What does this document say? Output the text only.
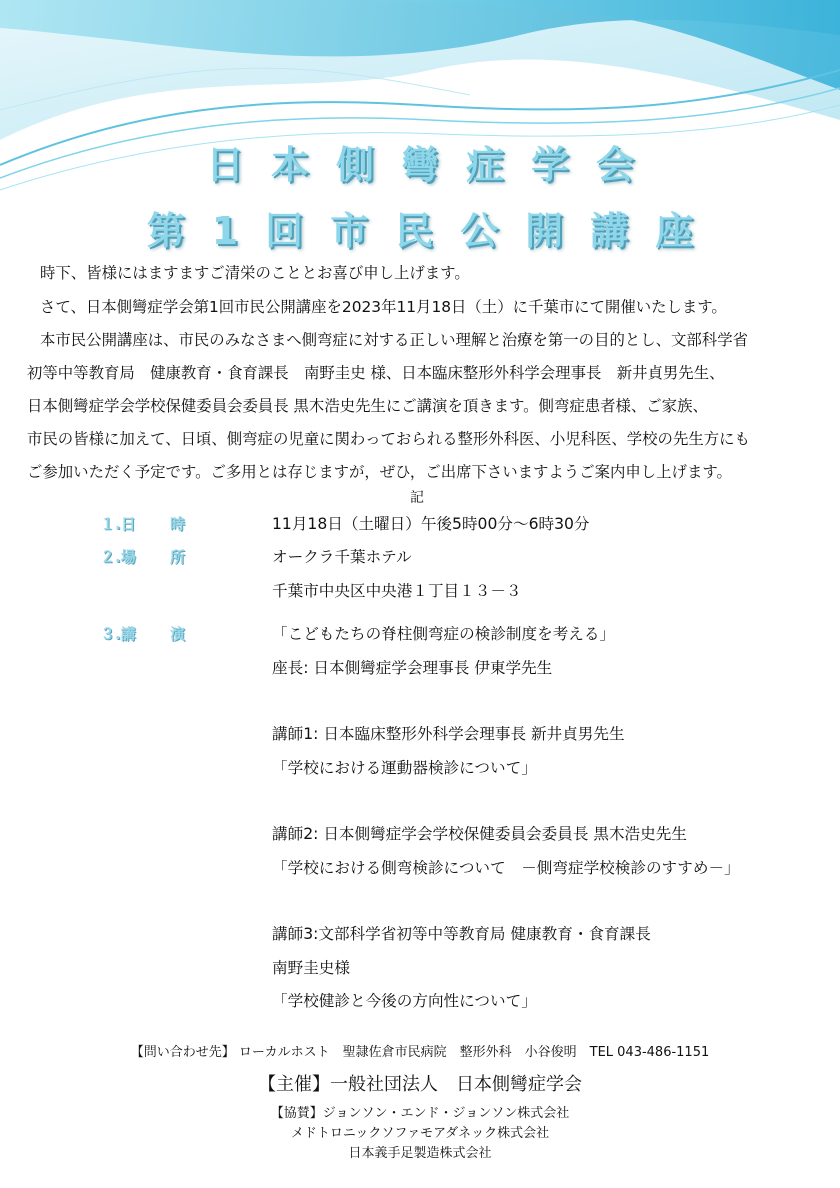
日本側彎症学会
第1回市民公開講座
時下、皆様にはますますご清栄のこととお喜び申し上げます。
さて、日本側彎症学会第1回市民公開講座を2023年11月18日（土）に千葉市にて開催いたします。
本市民公開講座は、市民のみなさまへ側弯症に対する正しい理解と治療を第一の目的とし、文部科学省
初等中等教育局　健康教育・食育課長　南野圭史 様、日本臨床整形外科学会理事長　新井貞男先生、
日本側彎症学会学校保健委員会委員長 黒木浩史先生にご講演を頂きます。側弯症患者様、ご家族、
市民の皆様に加えて、日頃、側弯症の児童に関わっておられる整形外科医、小児科医、学校の先生方にも
ご参加いただく予定です。ご多用とは存じますが，ぜひ，ご出席下さいますようご案内申し上げます。
記
１.日 時	11月18日（土曜日）午後5時00分～6時30分
２.場 所	オークラ千葉ホテル
千葉市中央区中央港１丁目１３－３
３.講 演	「こどもたちの脊柱側弯症の検診制度を考える」
座長: 日本側彎症学会理事長 伊東学先生
講師1: 日本臨床整形外科学会理事長 新井貞男先生
「学校における運動器検診について」
講師2: 日本側彎症学会学校保健委員会委員長 黒木浩史先生
「学校における側弯検診について　－側弯症学校検診のすすめ－」
講師3:文部科学省初等中等教育局 健康教育・食育課長
南野圭史様
「学校健診と今後の方向性について」
【問い合わせ先】 ローカルホスト　聖隷佐倉市民病院　整形外科　小谷俊明　TEL 043-486-1151
【主催】一般社団法人　日本側彎症学会
【協賛】ジョンソン・エンド・ジョンソン株式会社
メドトロニックソファモアダネック株式会社
日本義手足製造株式会社
